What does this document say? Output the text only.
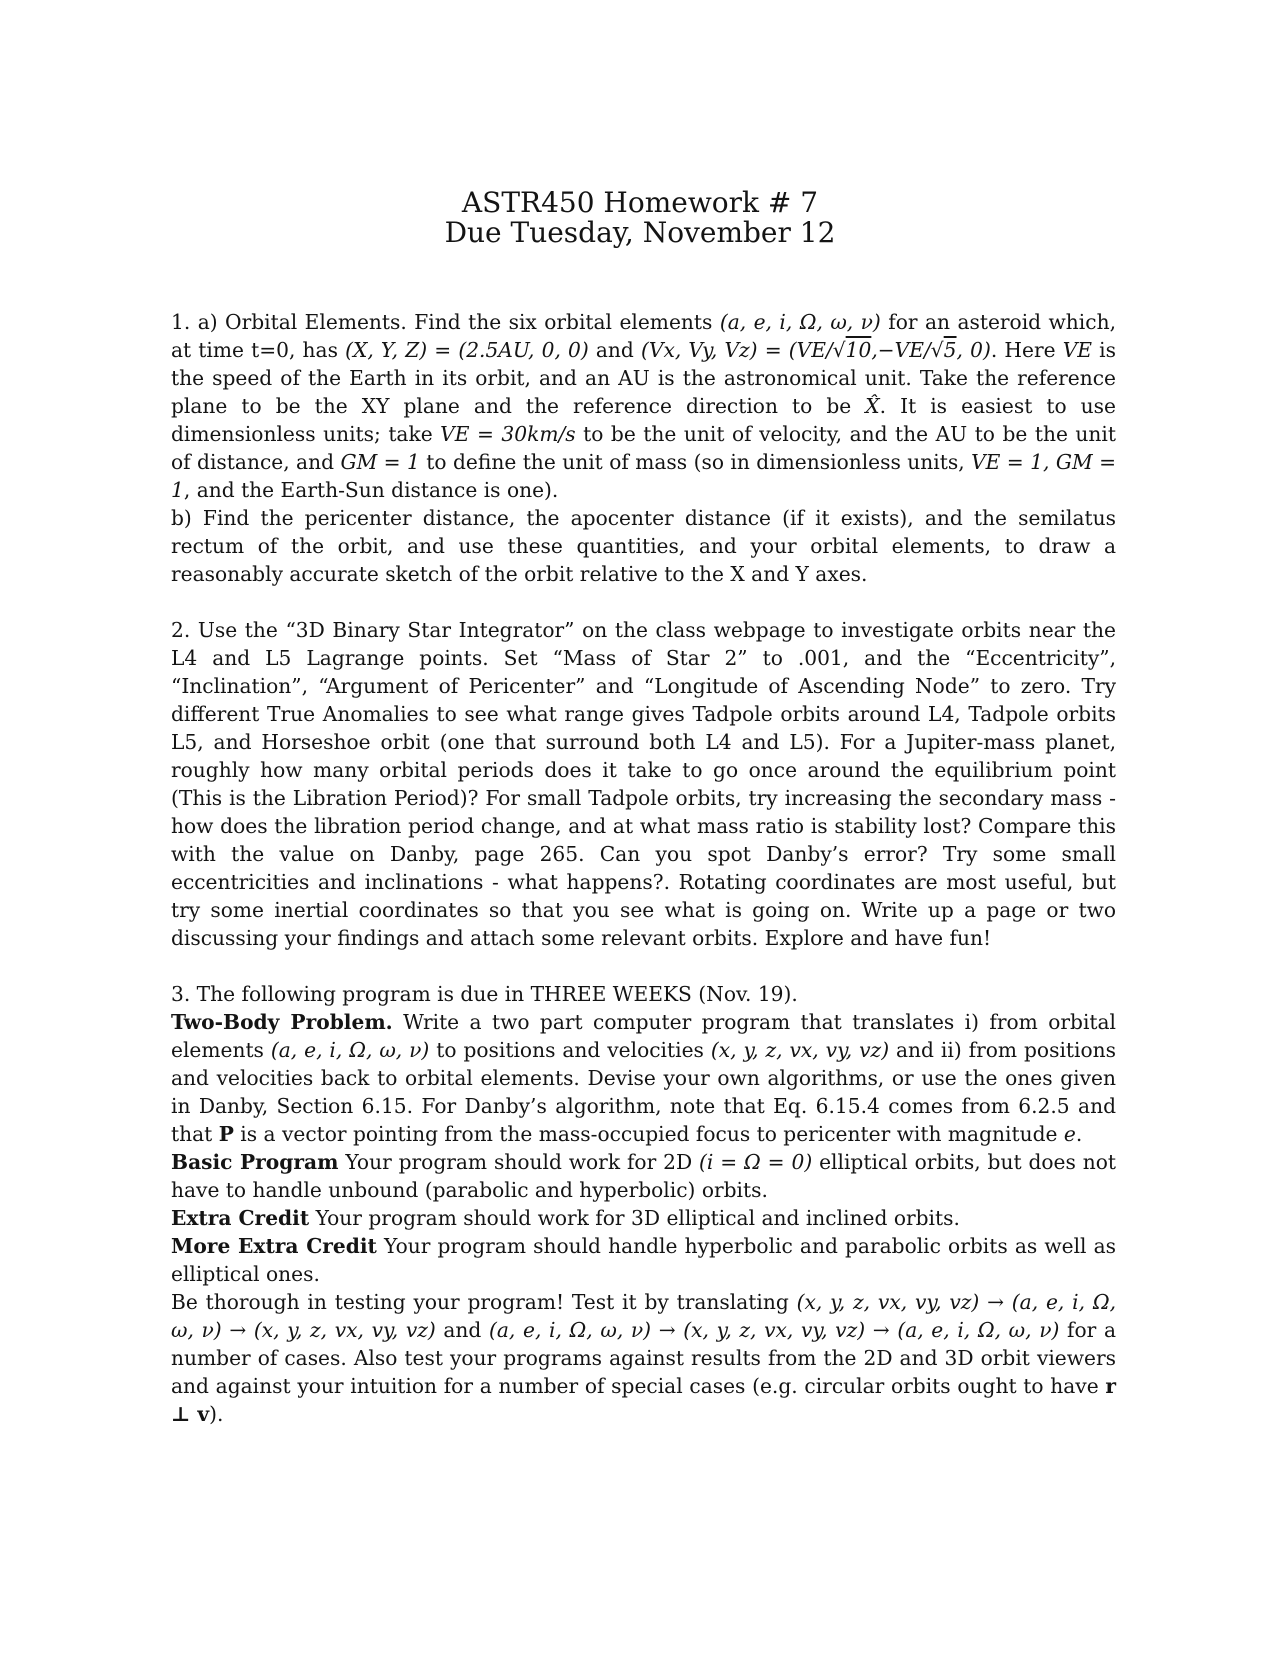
ASTR450 Homework # 7
Due Tuesday, November 12

1. a) Orbital Elements. Find the six orbital elements (a, e, i, Ω, ω, ν) for an asteroid which, at time t=0, has (X, Y, Z) = (2.5AU, 0, 0) and (Vx, Vy, Vz) = (VE/√10,−VE/√5, 0). Here VE is the speed of the Earth in its orbit, and an AU is the astronomical unit. Take the reference plane to be the XY plane and the reference direction to be X̂. It is easiest to use dimensionless units; take VE = 30km/s to be the unit of velocity, and the AU to be the unit of distance, and GM = 1 to define the unit of mass (so in dimensionless units, VE = 1, GM = 1, and the Earth-Sun distance is one).

b) Find the pericenter distance, the apocenter distance (if it exists), and the semilatus rectum of the orbit, and use these quantities, and your orbital elements, to draw a reasonably accurate sketch of the orbit relative to the X and Y axes.

2. Use the “3D Binary Star Integrator” on the class webpage to investigate orbits near the L4 and L5 Lagrange points. Set “Mass of Star 2” to .001, and the “Eccentricity”, “Inclination”, “Argument of Pericenter” and “Longitude of Ascending Node” to zero. Try different True Anomalies to see what range gives Tadpole orbits around L4, Tadpole orbits L5, and Horseshoe orbit (one that surround both L4 and L5). For a Jupiter-mass planet, roughly how many orbital periods does it take to go once around the equilibrium point (This is the Libration Period)? For small Tadpole orbits, try increasing the secondary mass - how does the libration period change, and at what mass ratio is stability lost? Compare this with the value on Danby, page 265. Can you spot Danby’s error? Try some small eccentricities and inclinations - what happens?. Rotating coordinates are most useful, but try some inertial coordinates so that you see what is going on. Write up a page or two discussing your findings and attach some relevant orbits. Explore and have fun!

3. The following program is due in THREE WEEKS (Nov. 19).

Two-Body Problem. Write a two part computer program that translates i) from orbital elements (a, e, i, Ω, ω, ν) to positions and velocities (x, y, z, vx, vy, vz) and ii) from positions and velocities back to orbital elements. Devise your own algorithms, or use the ones given in Danby, Section 6.15. For Danby’s algorithm, note that Eq. 6.15.4 comes from 6.2.5 and that P is a vector pointing from the mass-occupied focus to pericenter with magnitude e.

Basic Program Your program should work for 2D (i = Ω = 0) elliptical orbits, but does not have to handle unbound (parabolic and hyperbolic) orbits.

Extra Credit Your program should work for 3D elliptical and inclined orbits.

More Extra Credit Your program should handle hyperbolic and parabolic orbits as well as elliptical ones.

Be thorough in testing your program! Test it by translating (x, y, z, vx, vy, vz) → (a, e, i, Ω, ω, ν) → (x, y, z, vx, vy, vz) and (a, e, i, Ω, ω, ν) → (x, y, z, vx, vy, vz) → (a, e, i, Ω, ω, ν) for a number of cases. Also test your programs against results from the 2D and 3D orbit viewers and against your intuition for a number of special cases (e.g. circular orbits ought to have r ⊥ v).
